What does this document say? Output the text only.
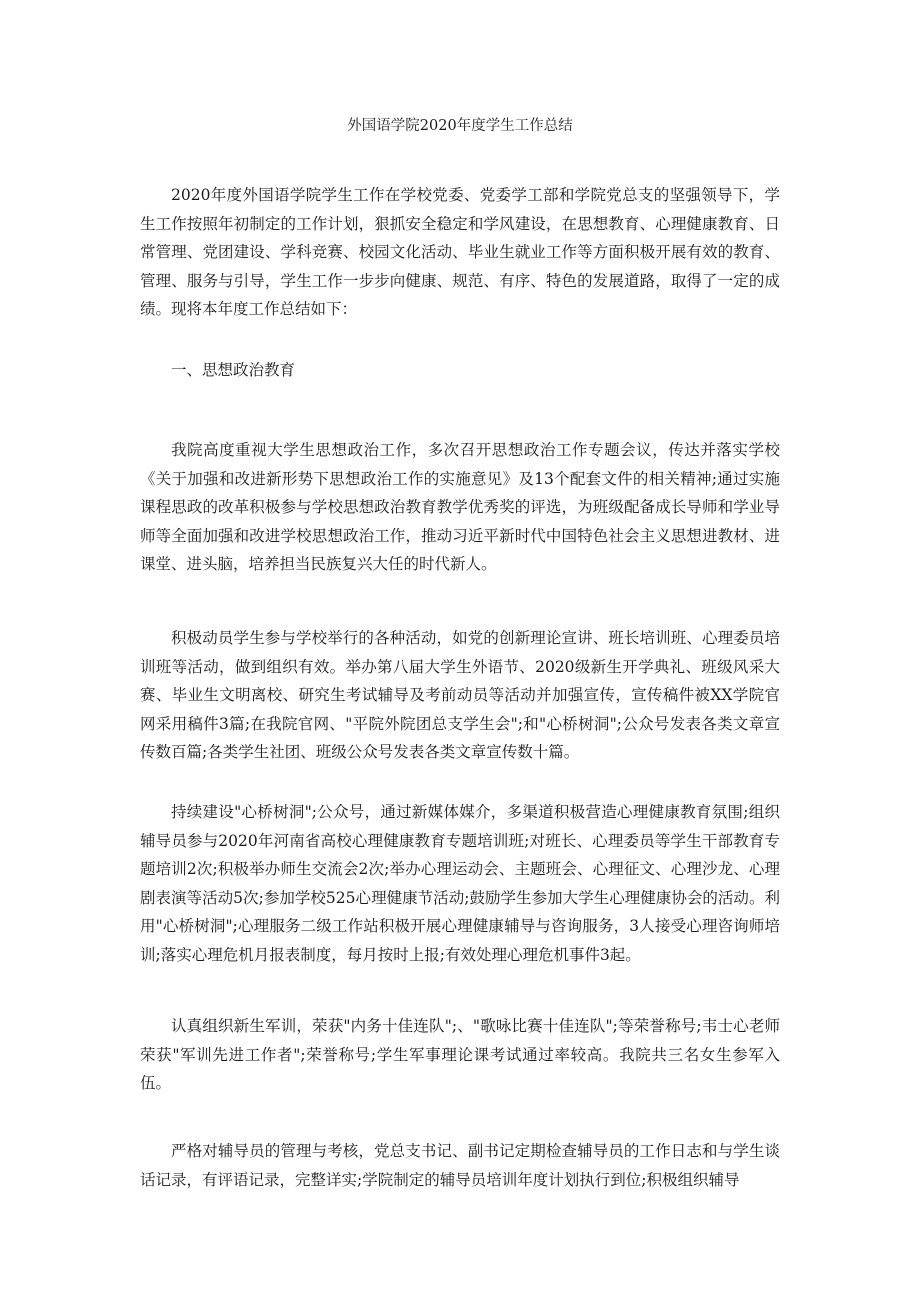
外国语学院2020年度学生工作总结

2020年度外国语学院学生工作在学校党委、党委学工部和学院党总支的坚强领导下，学生工作按照年初制定的工作计划，狠抓安全稳定和学风建设，在思想教育、心理健康教育、日常管理、党团建设、学科竞赛、校园文化活动、毕业生就业工作等方面积极开展有效的教育、管理、服务与引导，学生工作一步步向健康、规范、有序、特色的发展道路，取得了一定的成绩。现将本年度工作总结如下：

一、思想政治教育

我院高度重视大学生思想政治工作，多次召开思想政治工作专题会议，传达并落实学校《关于加强和改进新形势下思想政治工作的实施意见》及13个配套文件的相关精神;通过实施课程思政的改革积极参与学校思想政治教育教学优秀奖的评选，为班级配备成长导师和学业导师等全面加强和改进学校思想政治工作，推动习近平新时代中国特色社会主义思想进教材、进课堂、进头脑，培养担当民族复兴大任的时代新人。

积极动员学生参与学校举行的各种活动，如党的创新理论宣讲、班长培训班、心理委员培训班等活动，做到组织有效。举办第八届大学生外语节、2020级新生开学典礼、班级风采大赛、毕业生文明离校、研究生考试辅导及考前动员等活动并加强宣传，宣传稿件被XX学院官网采用稿件3篇;在我院官网、"平院外院团总支学生会";和"心桥树洞";公众号发表各类文章宣传数百篇;各类学生社团、班级公众号发表各类文章宣传数十篇。

持续建设"心桥树洞";公众号，通过新媒体媒介，多渠道积极营造心理健康教育氛围;组织辅导员参与2020年河南省高校心理健康教育专题培训班;对班长、心理委员等学生干部教育专题培训2次;积极举办师生交流会2次;举办心理运动会、主题班会、心理征文、心理沙龙、心理剧表演等活动5次;参加学校525心理健康节活动;鼓励学生参加大学生心理健康协会的活动。利用"心桥树洞";心理服务二级工作站积极开展心理健康辅导与咨询服务，3人接受心理咨询师培训;落实心理危机月报表制度，每月按时上报;有效处理心理危机事件3起。

认真组织新生军训，荣获"内务十佳连队";、"歌咏比赛十佳连队";等荣誉称号;韦士心老师荣获"军训先进工作者";荣誉称号;学生军事理论课考试通过率较高。我院共三名女生参军入伍。

严格对辅导员的管理与考核，党总支书记、副书记定期检查辅导员的工作日志和与学生谈话记录，有评语记录，完整详实;学院制定的辅导员培训年度计划执行到位;积极组织辅导
